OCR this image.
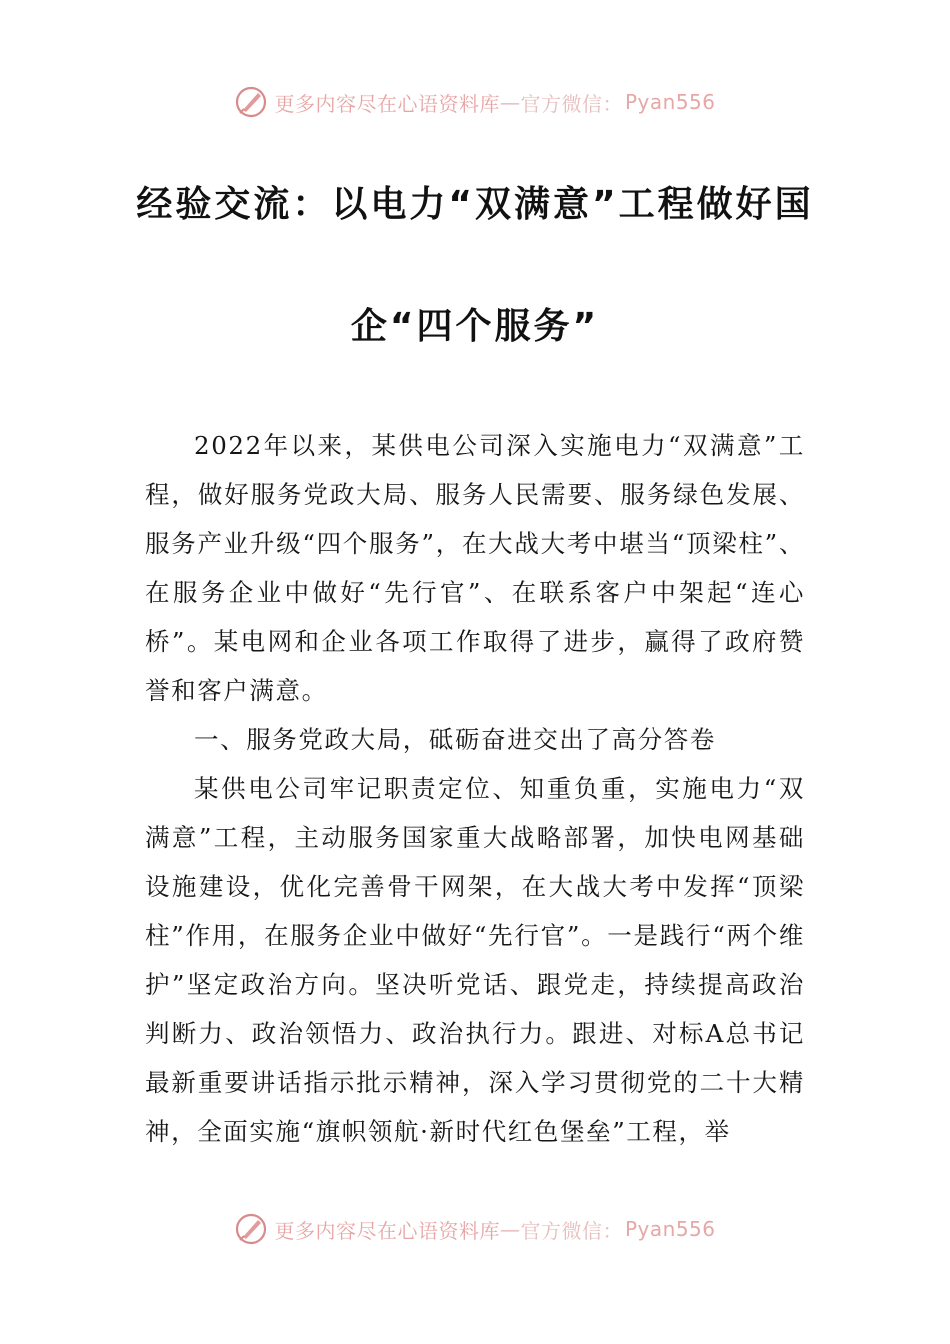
更多内容尽在心语资料库 — 官方微信： Pyan556
经验交流：以电力“双满意”工程做好国
企“四个服务”

2022年以来，某供电公司深入实施电力“双满意”工程，做好服务党政大局、服务人民需要、服务绿色发展、服务产业升级“四个服务”，在大战大考中堪当“顶梁柱”、在服务企业中做好“先行官”、在联系客户中架起“连心桥”。某电网和企业各项工作取得了进步，赢得了政府赞誉和客户满意。

一、服务党政大局，砥砺奋进交出了高分答卷

某供电公司牢记职责定位、知重负重，实施电力“双满意”工程，主动服务国家重大战略部署，加快电网基础设施建设，优化完善骨干网架，在大战大考中发挥“顶梁柱”作用，在服务企业中做好“先行官”。一是践行“两个维护”坚定政治方向。坚决听党话、跟党走，持续提高政治判断力、政治领悟力、政治执行力。跟进、对标A总书记最新重要讲话指示批示精神，深入学习贯彻党的二十大精神，全面实施“旗帜领航·新时代红色堡垒”工程，举

更多内容尽在心语资料库 — 官方微信： Pyan556
